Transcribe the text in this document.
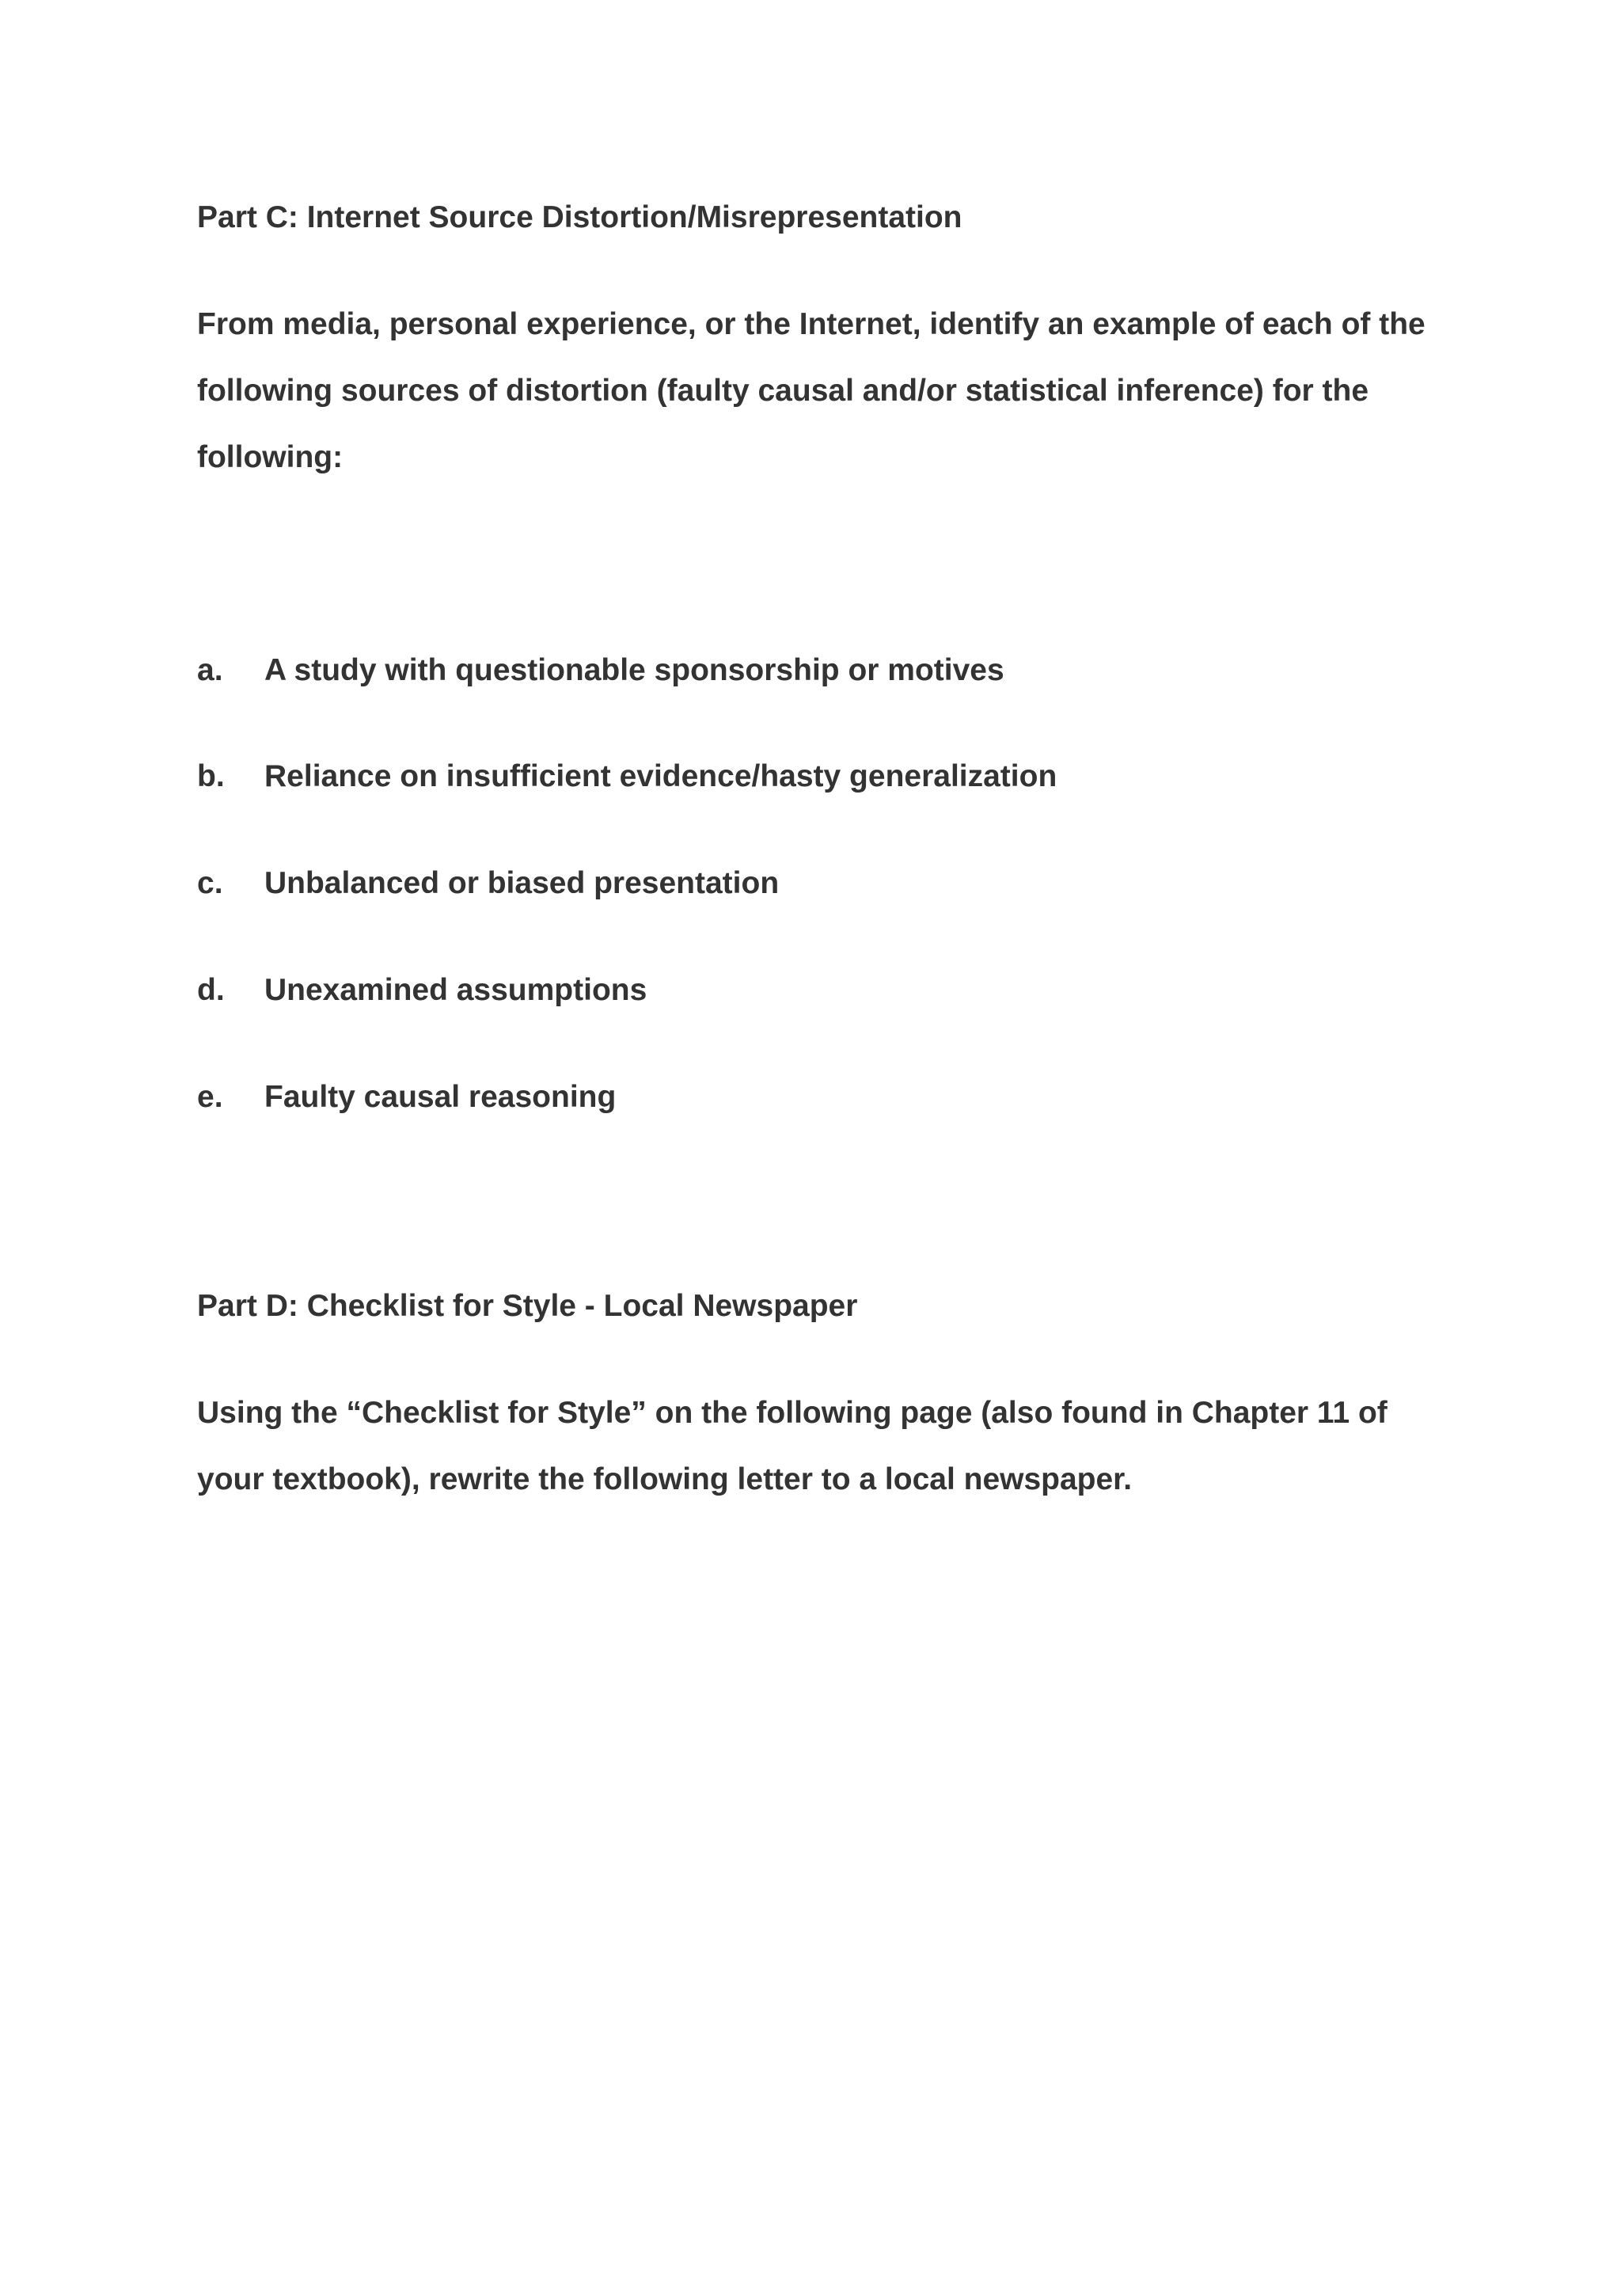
Part C: Internet Source Distortion/Misrepresentation
From media, personal experience, or the Internet, identify an example of each of the
following sources of distortion (faulty causal and/or statistical inference) for the
following:
a. A study with questionable sponsorship or motives
b. Reliance on insufficient evidence/hasty generalization
c. Unbalanced or biased presentation
d. Unexamined assumptions
e. Faulty causal reasoning
Part D: Checklist for Style - Local Newspaper
Using the “Checklist for Style” on the following page (also found in Chapter 11 of
your textbook), rewrite the following letter to a local newspaper.
